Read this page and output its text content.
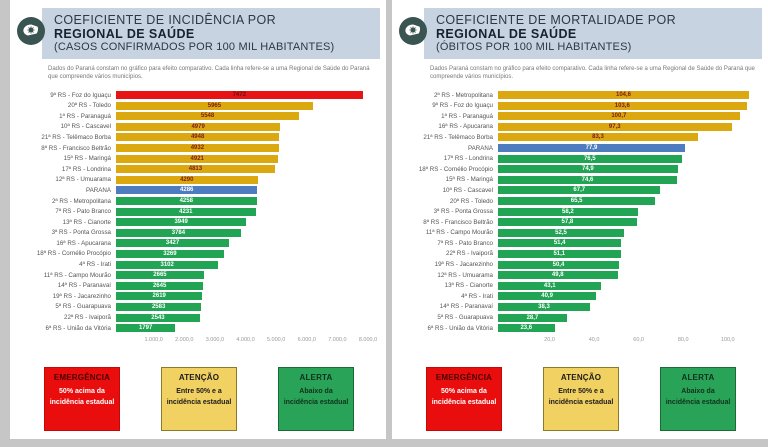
COEFICIENTE DE INCIDÊNCIA POR
REGIONAL DE SAÚDE
(CASOS CONFIRMADOS POR 100 MIL HABITANTES)
Dados do Paraná constam no gráfico para efeito comparativo. Cada linha refere-se a uma Regional de Saúde do Paraná que compreende vários municípios.
9ª RS - Foz do Iguaçu	7472
20ª RS - Toledo	5965
1ª RS - Paranaguá	5548
10ª RS - Cascavel	4979
21ª RS - Telêmaco Borba	4948
8ª RS - Francisco Beltrão	4932
15ª RS - Maringá	4921
17ª RS - Londrina	4813
12ª RS - Umuarama	4290
PARANÁ	4286
2ª RS - Metropolitana	4258
7ª RS - Pato Branco	4231
13ª RS - Cianorte	3949
3ª RS - Ponta Grossa	3784
16ª RS - Apucarana	3427
18ª RS - Cornélio Procópio	3269
4ª RS - Irati	3102
11ª RS - Campo Mourão	2665
14ª RS - Paranavaí	2645
19ª RS - Jacarezinho	2619
5ª RS - Guarapuava	2583
22ª RS - Ivaiporã	2543
6ª RS - União da Vitória	1797
1.000,0 2.000,0 3.000,0 4.000,0 5.000,0 6.000,0 7.000,0 8.000,0
EMERGÊNCIA
50% acima da incidência estadual
ATENÇÃO
Entre 50% e a incidência estadual
ALERTA
Abaixo da incidência estadual
COEFICIENTE DE MORTALIDADE POR
REGIONAL DE SAÚDE
(ÓBITOS POR 100 MIL HABITANTES)
Dados Paraná constam no gráfico para efeito comparativo. Cada linha refere-se a uma Regional de Saúde do Paraná que compreende vários municípios.
2ª RS - Metropolitana	104,6
9ª RS - Foz do Iguaçu	103,6
1ª RS - Paranaguá	100,7
16ª RS - Apucarana	97,3
21ª RS - Telêmaco Borba	83,3
PARANÁ	77,9
17ª RS - Londrina	76,5
18ª RS - Cornélio Procópio	74,9
15ª RS - Maringá	74,6
10ª RS - Cascavel	67,7
20ª RS - Toledo	65,5
3ª RS - Ponta Grossa	58,2
8ª RS - Francisco Beltrão	57,8
11ª RS - Campo Mourão	52,5
7ª RS - Pato Branco	51,4
22ª RS - Ivaiporã	51,1
19ª RS - Jacarezinho	50,4
12ª RS - Umuarama	49,8
13ª RS - Cianorte	43,1
4ª RS - Irati	40,9
14ª RS - Paranavaí	38,3
5ª RS - Guarapuava	28,7
6ª RS - União da Vitória	23,6
20,0	40,0	60,0	80,0	100,0
EMERGÊNCIA
50% acima da incidência estadual
ATENÇÃO
Entre 50% e a incidência estadual
ALERTA
Abaixo da incidência estadual
